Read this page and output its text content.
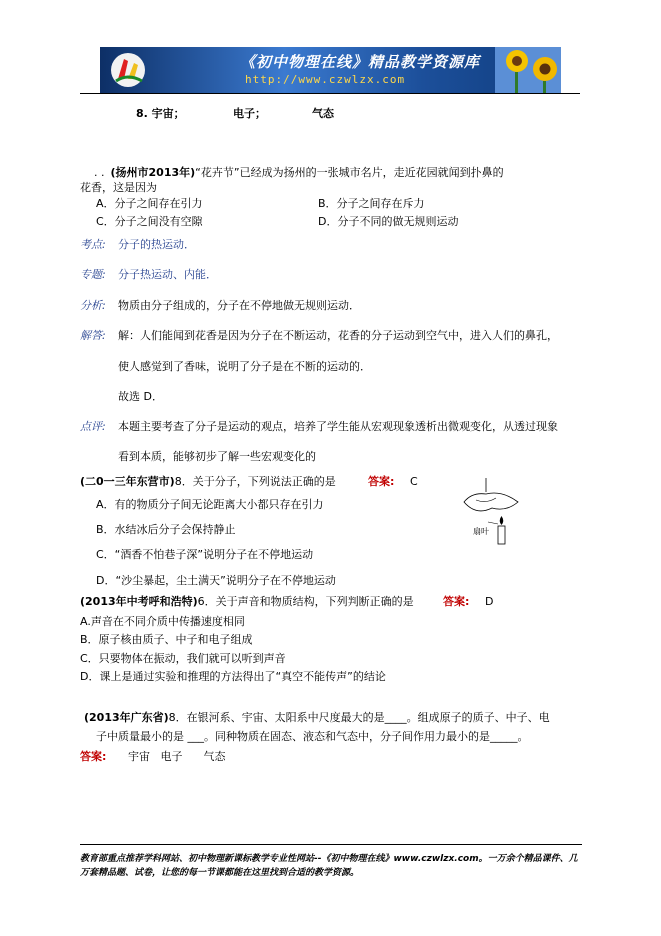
《初中物理在线》精品教学资源库
http://www.czwlzx.com
8. 宇宙；	电子；	气态
. . (扬州市2013年)“花卉节”已经成为扬州的一张城市名片，走近花园就闻到扑鼻的
花香，这是因为
A．分子之间存在引力	B．分子之间存在斥力
C．分子之间没有空隙	D．分子不同的做无规则运动
考点: 分子的热运动．
专题: 分子热运动、内能．
分析: 物质由分子组成的，分子在不停地做无规则运动．
解答: 解：人们能闻到花香是因为分子在不断运动，花香的分子运动到空气中，进入人们的鼻孔，
使人感觉到了香味，说明了分子是在不断的运动的．
故选 D．
点评: 本题主要考查了分子是运动的观点，培养了学生能从宏观现象透析出微观变化，从透过现象
看到本质，能够初步了解一些宏观变化的
(二0一三年东营市)8．关于分子，下列说法正确的是	答案: C
A．有的物质分子间无论距离大小都只存在引力
B．水结冰后分子会保持静止
C．“酒香不怕巷子深”说明分子在不停地运动
D．“沙尘暴起，尘土满天”说明分子在不停地运动
扇叶
(2013年中考呼和浩特)6．关于声音和物质结构，下列判断正确的是	答案: D
A.声音在不同介质中传播速度相同
B．原子核由质子、中子和电子组成
C．只要物体在振动，我们就可以听到声音
D．课上是通过实验和推理的方法得出了“真空不能传声”的结论
(2013年广东省)8．在银河系、宇宙、太阳系中尺度最大的是____。组成原子的质子、中子、电
子中质量最小的是 ___。同种物质在固态、液态和气态中，分子间作用力最小的是_____。
答案: 宇宙   电子      气态
教育部重点推荐学科网站、初中物理新课标教学专业性网站--《初中物理在线》www.czwlzx.com。一万余个精品课件、几万套精品题、试卷，让您的每一节课都能在这里找到合适的教学资源。
